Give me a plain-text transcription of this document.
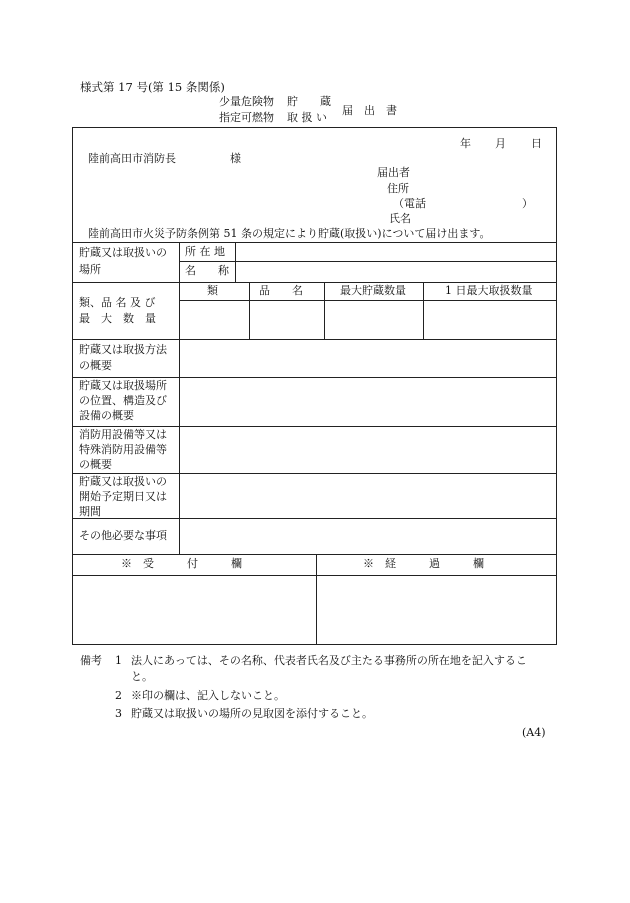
様式第 17 号(第 15 条関係)
少量危険物 貯　　蔵
指定可燃物 取 扱 い
届　出　書
年 月 日
陸前高田市消防長	様
届出者
住所
（電話	）
氏名
陸前高田市火災予防条例第 51 条の規定により貯蔵(取扱い)について届け出ます。
貯蔵又は取扱いの
場所
所 在 地
名　　称
類、品 名 及 び
最　大　数　量
類	品　　名	最大貯蔵数量	1 日最大取扱数量
貯蔵又は取扱方法
の概要
貯蔵又は取扱場所
の位置、構造及び
設備の概要
消防用設備等又は
特殊消防用設備等
の概要
貯蔵又は取扱いの
開始予定期日又は
期間
その他必要な事項
※　受　　　付　　　欄	※　経　　　過　　　欄
備考 1 法人にあっては、その名称、代表者氏名及び主たる事務所の所在地を記入するこ
と。
2 ※印の欄は、記入しないこと。
3 貯蔵又は取扱いの場所の見取図を添付すること。
(A4)
